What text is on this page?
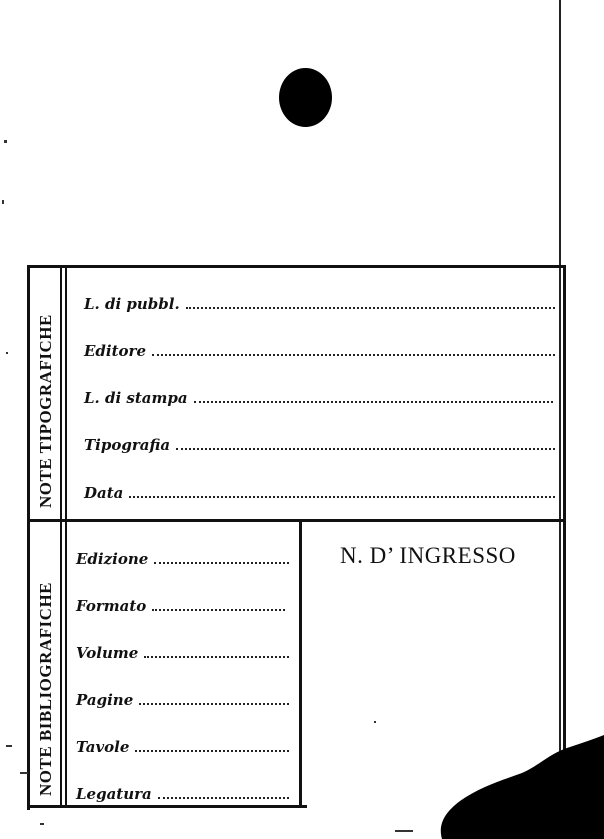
NOTE TIPOGRAFICHE
NOTE BIBLIOGRAFICHE
L. di pubbl.
Editore
L. di stampa
Tipografia
Data
Edizione
Formato
Volume
Pagine
Tavole
Legatura
N. D’ INGRESSO
